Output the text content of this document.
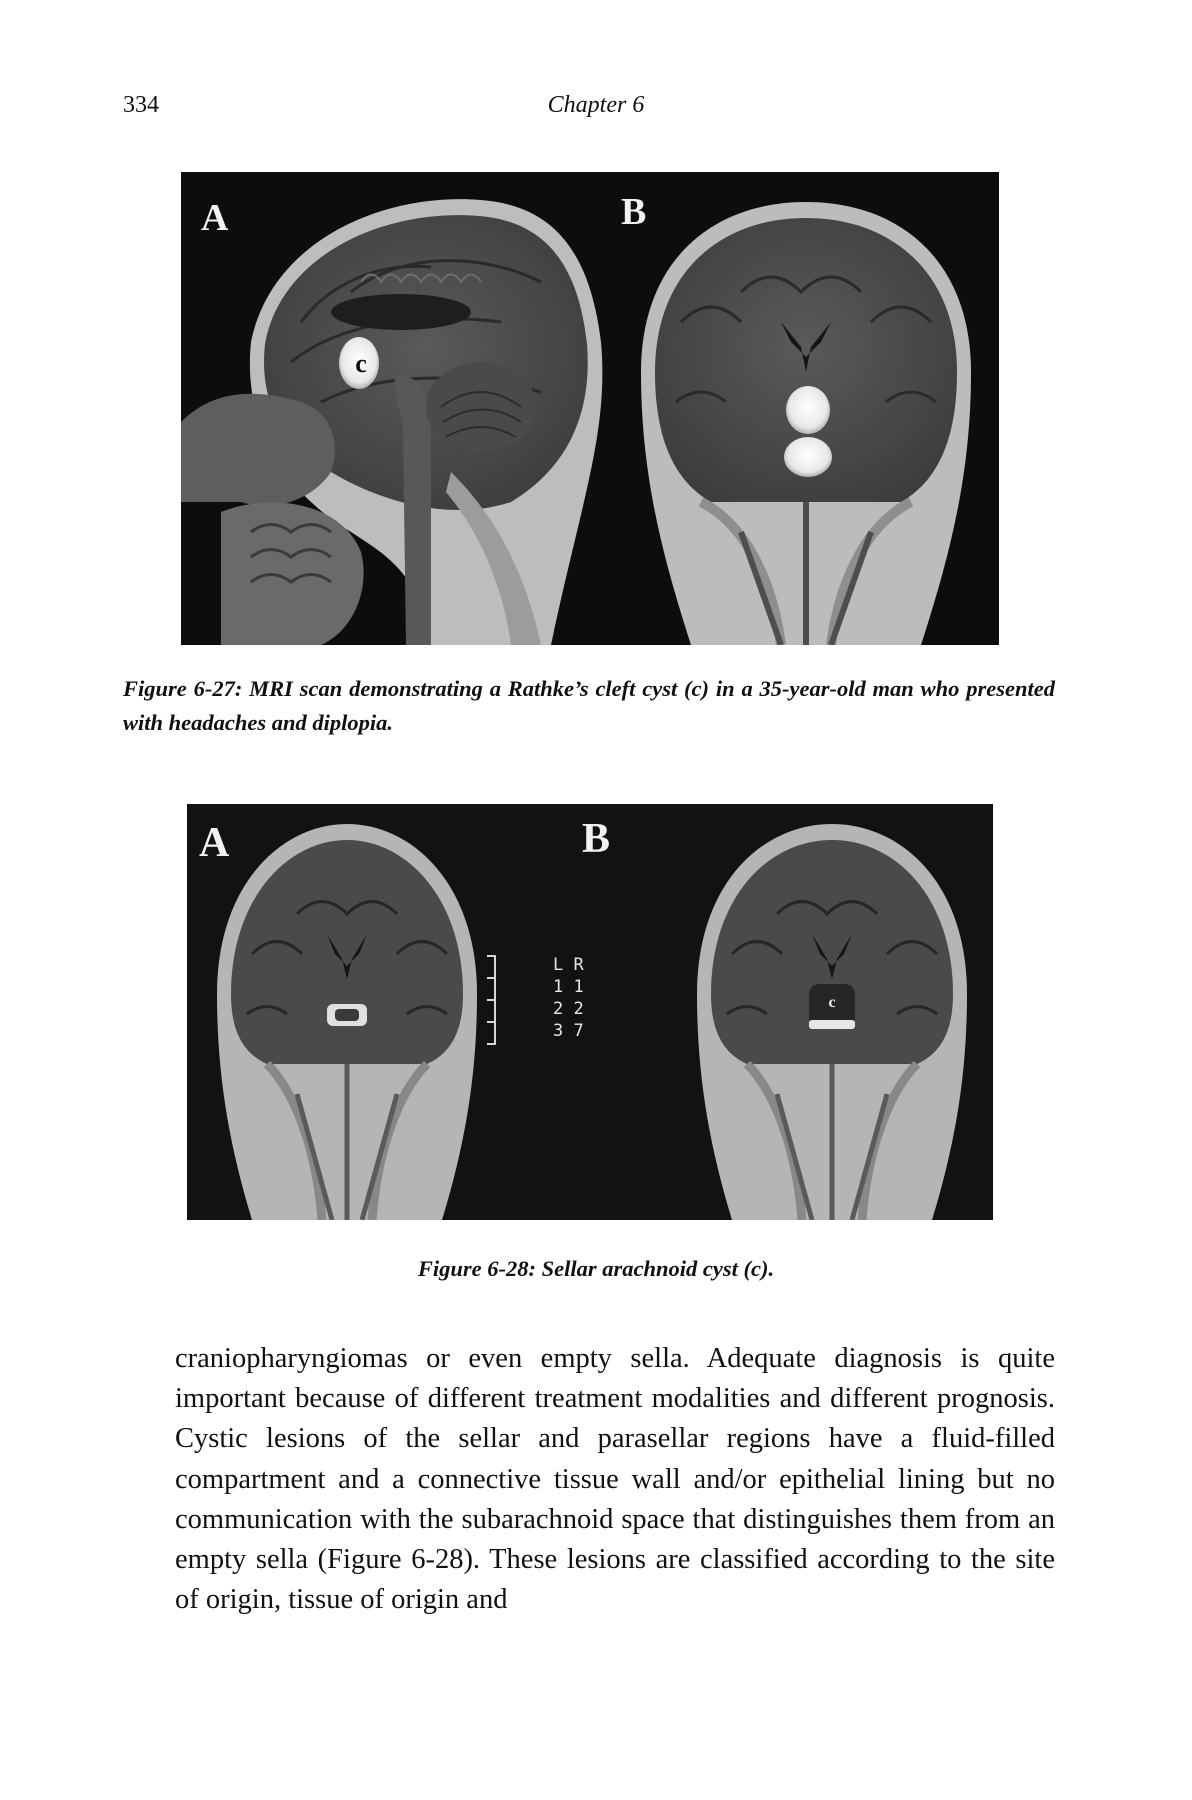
334	Chapter 6
c
A	B
Figure 6-27: MRI scan demonstrating a Rathke’s cleft cyst (c) in a 35-year-old man who presented with headaches and diplopia.
A
c
B
L R
1 1
2 2
3 7
Figure 6-28: Sellar arachnoid cyst (c).
craniopharyngiomas or even empty sella. Adequate diagnosis is quite important because of different treatment modalities and different prognosis. Cystic lesions of the sellar and parasellar regions have a fluid-filled compartment and a connective tissue wall and/or epithelial lining but no communication with the subarachnoid space that distinguishes them from an empty sella (Figure 6-28). These lesions are classified according to the site of origin, tissue of origin and
